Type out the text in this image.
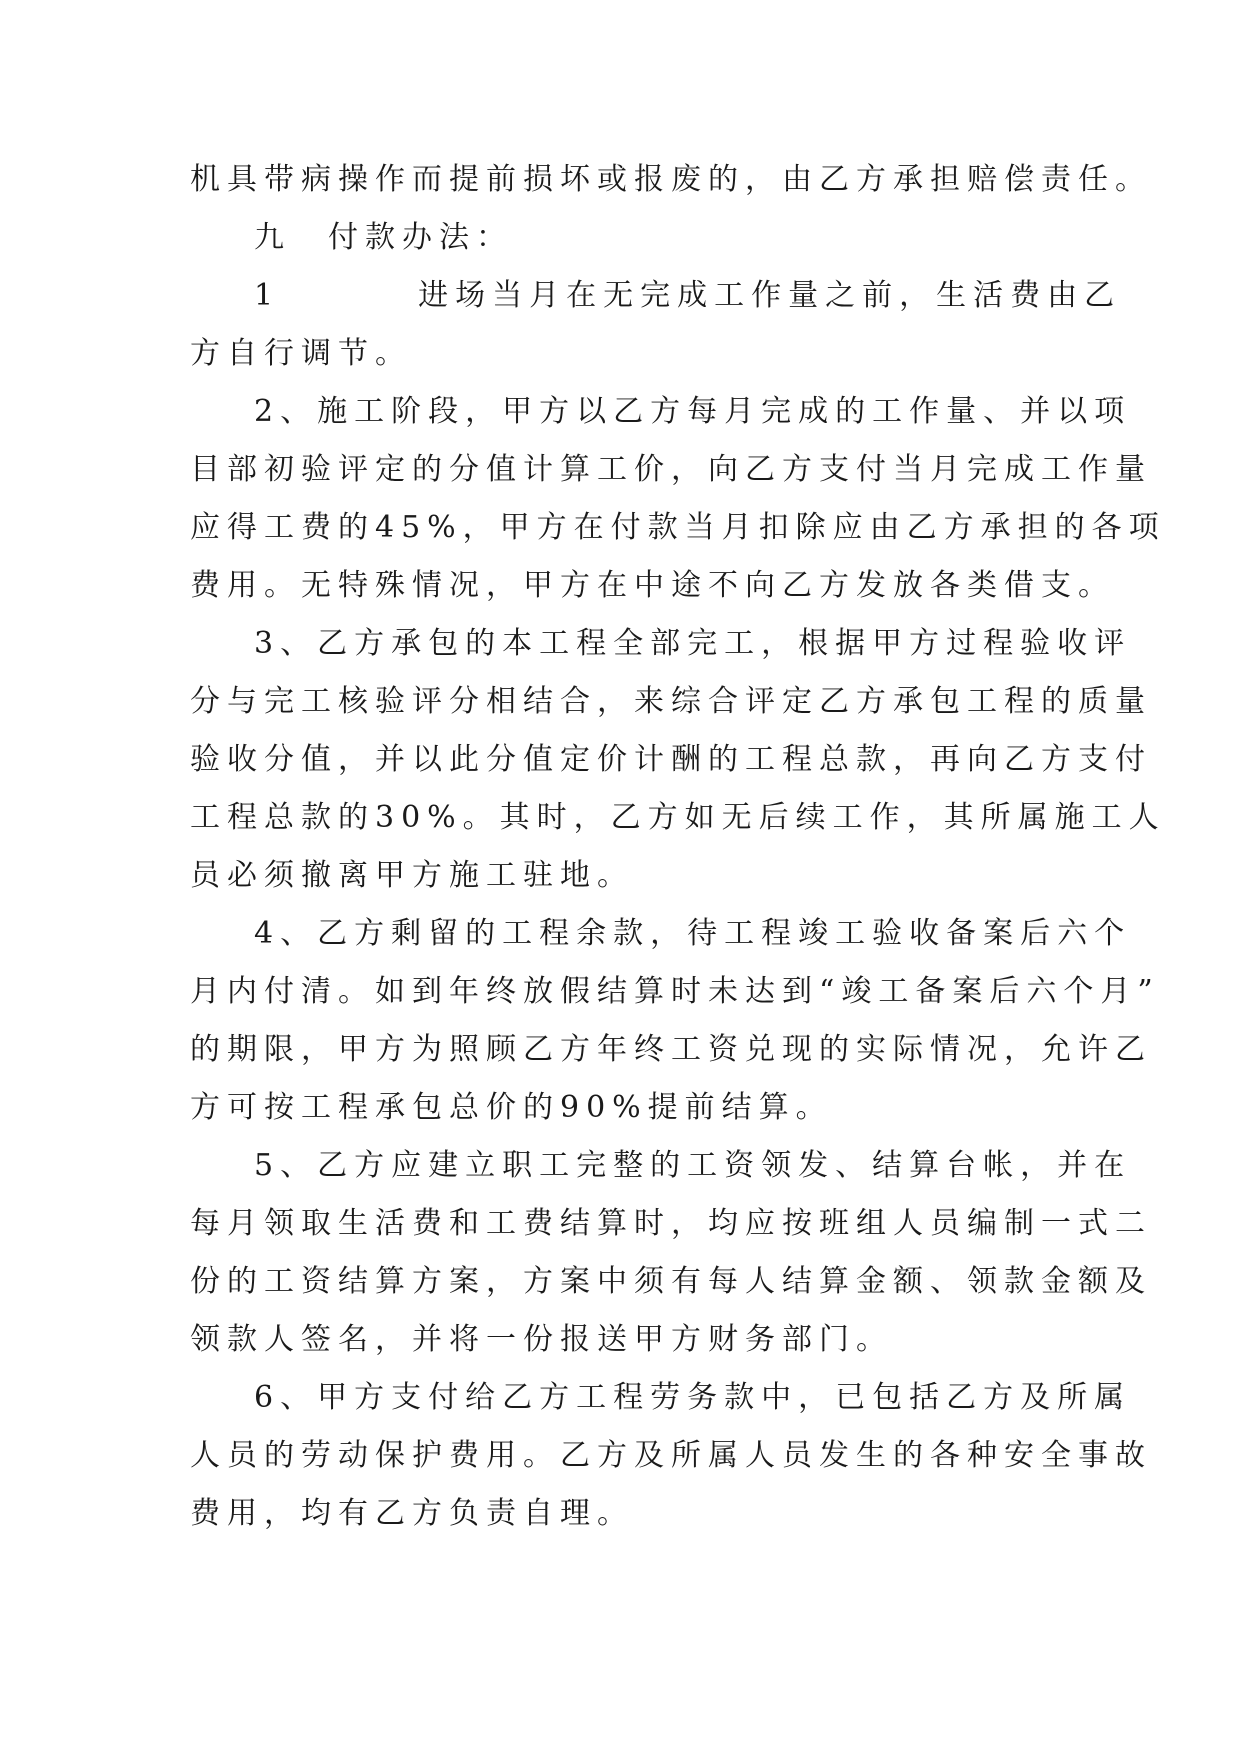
机具带病操作而提前损坏或报废的，由乙方承担赔偿责任。
九　付款办法：
1	进场当月在无完成工作量之前，生活费由乙
方自行调节。
2、施工阶段，甲方以乙方每月完成的工作量、并以项
目部初验评定的分值计算工价，向乙方支付当月完成工作量
应得工费的45%，甲方在付款当月扣除应由乙方承担的各项
费用。无特殊情况，甲方在中途不向乙方发放各类借支。
3、乙方承包的本工程全部完工，根据甲方过程验收评
分与完工核验评分相结合，来综合评定乙方承包工程的质量
验收分值，并以此分值定价计酬的工程总款，再向乙方支付
工程总款的30%。其时，乙方如无后续工作，其所属施工人
员必须撤离甲方施工驻地。
4、乙方剩留的工程余款，待工程竣工验收备案后六个
月内付清。如到年终放假结算时未达到“竣工备案后六个月”
的期限，甲方为照顾乙方年终工资兑现的实际情况，允许乙
方可按工程承包总价的90%提前结算。
5、乙方应建立职工完整的工资领发、结算台帐，并在
每月领取生活费和工费结算时，均应按班组人员编制一式二
份的工资结算方案，方案中须有每人结算金额、领款金额及
领款人签名，并将一份报送甲方财务部门。
6、甲方支付给乙方工程劳务款中，已包括乙方及所属
人员的劳动保护费用。乙方及所属人员发生的各种安全事故
费用，均有乙方负责自理。
